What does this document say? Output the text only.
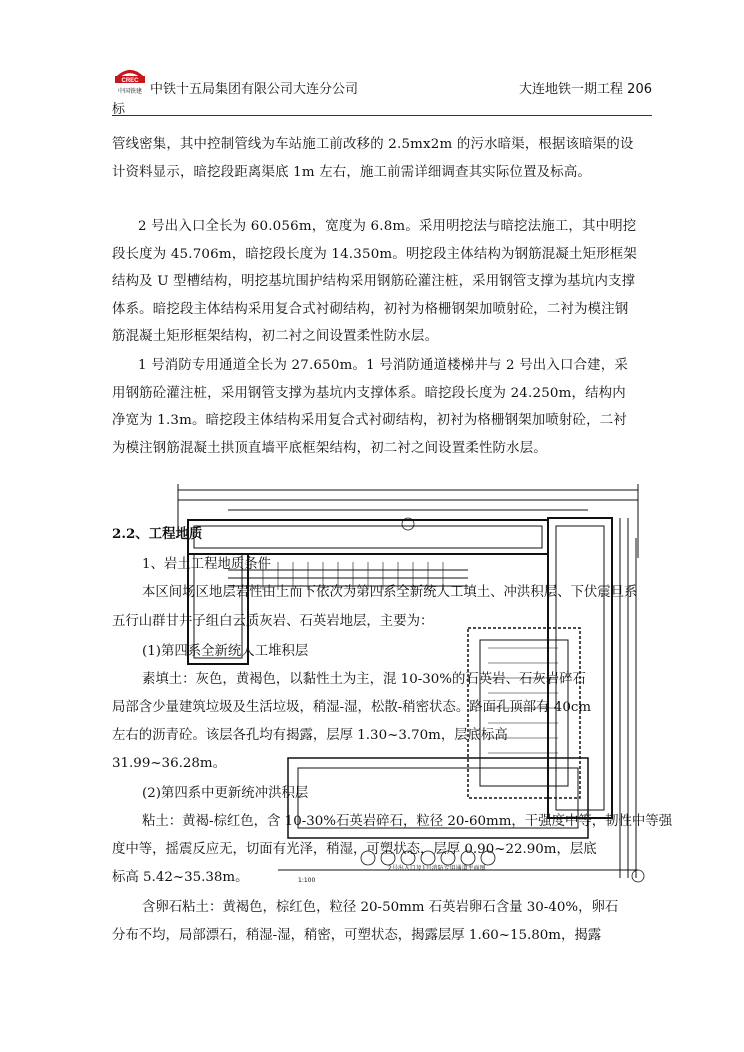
CREC
中国铁建 中铁十五局集团有限公司大连分公司	大连地铁一期工程 206
标
管线密集，其中控制管线为车站施工前改移的 2.5mx2m 的污水暗渠，根据该暗渠的设计资料显示，暗挖段距离渠底 1m 左右，施工前需详细调查其实际位置及标高。
2 号出入口全长为 60.056m，宽度为 6.8m。采用明挖法与暗挖法施工，其中明挖段长度为 45.706m，暗挖段长度为 14.350m。明挖段主体结构为钢筋混凝土矩形框架结构及 U 型槽结构，明挖基坑围护结构采用钢筋砼灌注桩，采用钢管支撑为基坑内支撑体系。暗挖段主体结构采用复合式衬砌结构，初衬为格栅钢架加喷射砼，二衬为模注钢筋混凝土矩形框架结构，初二衬之间设置柔性防水层。
1 号消防专用通道全长为 27.650m。1 号消防通道楼梯井与 2 号出入口合建，采用钢筋砼灌注桩，采用钢管支撑为基坑内支撑体系。暗挖段长度为 24.250m，结构内净宽为 1.3m。暗挖段主体结构采用复合式衬砌结构，初衬为格栅钢架加喷射砼，二衬为模注钢筋混凝土拱顶直墙平底框架结构，初二衬之间设置柔性防水层。
2.2、工程地质
1、岩土工程地质条件
本区间场区地层岩性由上而下依次为第四系全新统人工填土、冲洪积层、下伏震旦系
五行山群甘井子组白云质灰岩、石英岩地层，主要为：
(1)第四系全新统人工堆积层
素填土：灰色，黄褐色，以黏性土为主，混 10-30%的石英岩、石灰岩碎石
局部含少量建筑垃圾及生活垃圾，稍湿-湿，松散-稍密状态。路面孔顶部有 40cm
左右的沥青砼。该层各孔均有揭露，层厚 1.30~3.70m，层底标高
31.99~36.28m。
(2)第四系中更新统冲洪积层
粘土：黄褐-棕红色，含 10-30%石英岩碎石，粒径 20-60mm，干强度中等，韧性中等强
度中等，摇震反应无，切面有光泽，稍湿，可塑状态，层厚 0.90~22.90m，层底
标高 5.42~35.38m。
含卵石粘土：黄褐色，棕红色，粒径 20-50mm 石英岩卵石含量 30-40%，卵石
分布不均，局部漂石，稍湿-湿，稍密，可塑状态，揭露层厚 1.60~15.80m，揭露
2号出入口及1号消防专用通道平面图
1:100
